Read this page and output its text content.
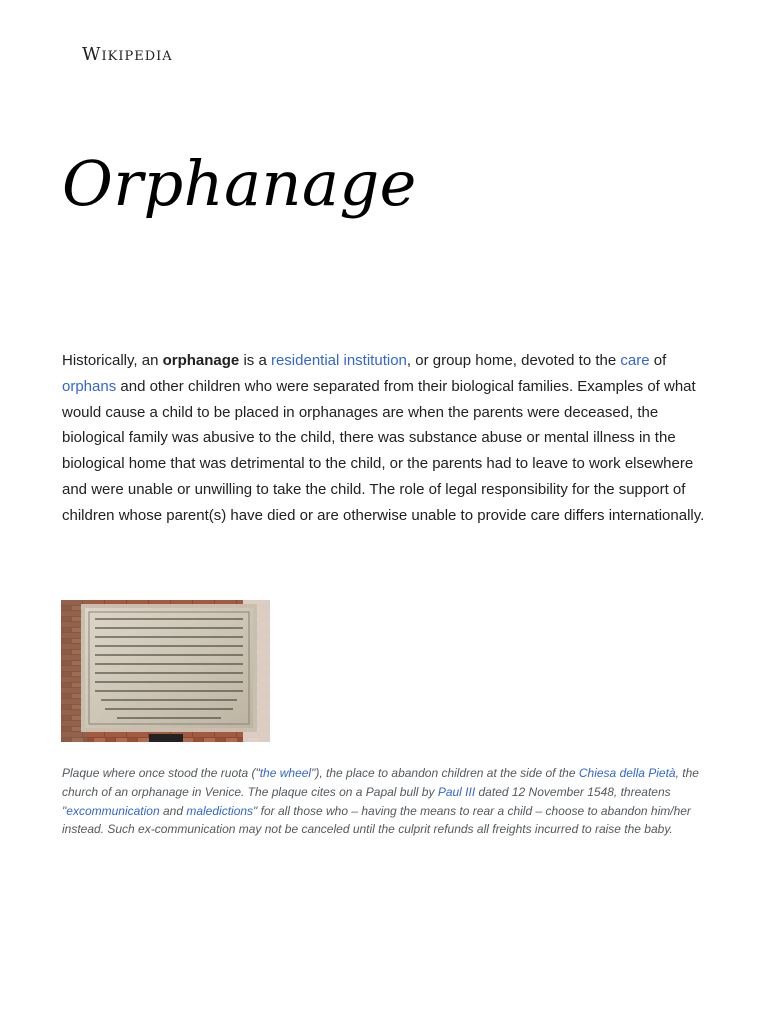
Wikipedia
Orphanage

Historically, an orphanage is a residential institution, or group home, devoted to the care of orphans and other children who were separated from their biological families. Examples of what would cause a child to be placed in orphanages are when the parents were deceased, the biological family was abusive to the child, there was substance abuse or mental illness in the biological home that was detrimental to the child, or the parents had to leave to work elsewhere and were unable or unwilling to take the child. The role of legal responsibility for the support of children whose parent(s) have died or are otherwise unable to provide care differs internationally.

Plaque where once stood the ruota ("the wheel"), the place to abandon children at the side of the Chiesa della Pietà, the church of an orphanage in Venice. The plaque cites on a Papal bull by Paul III dated 12 November 1548, threatens "excommunication and maledictions" for all those who – having the means to rear a child – choose to abandon him/her instead. Such ex-communication may not be canceled until the culprit refunds all freights incurred to raise the baby.
